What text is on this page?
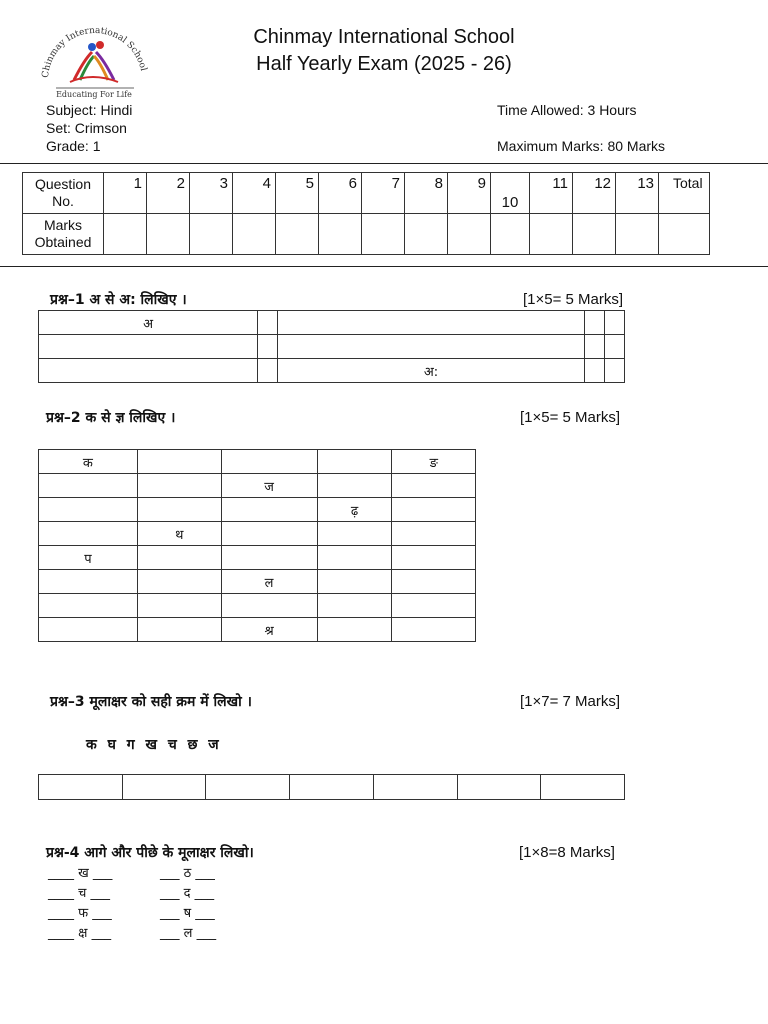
Chinmay International School
Educating For Life
Chinmay International School
Half Yearly Exam (2025 - 26)
Subject: Hindi
Set: Crimson
Grade: 1
Time Allowed: 3 Hours
Maximum Marks: 80 Marks
Question No.	1	2	3	4	5	6	7	8	9	10	11	12	13	Total
Marks Obtained														
प्रश्न–1 अ से अ: लिखिए ।	[1×5= 5 Marks]
अ				

		अ:		
प्रश्न–2 क से ज्ञ लिखिए ।	[1×5= 5 Marks]
क				ङ
		ज		
			ढ़	
	थ			
प				
		ल		

		श्र		
प्रश्न–3 मूलाक्षर को सही क्रम में लिखो ।	[1×7= 7 Marks]
क घ ग ख च छ ज

प्रश्न-4 आगे और पीछे के मूलाक्षर लिखो।	[1×8=8 Marks]
____ ख ___
____ च ___
____ फ ___
____ क्ष ___
___ ठ ___
___ द ___
___ ष ___
___ ल ___
